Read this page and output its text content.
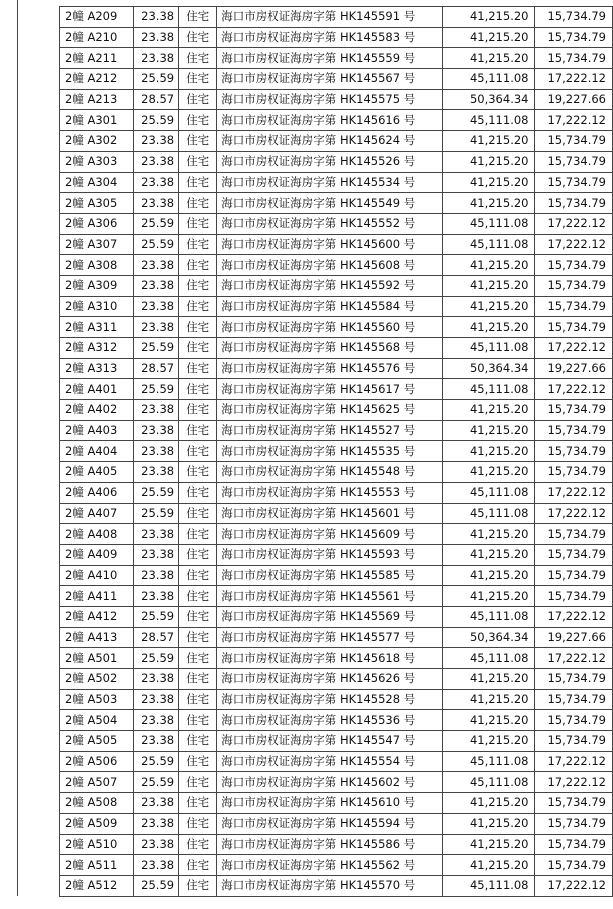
2幢 A209	23.38	住宅	海口市房权证海房字第 HK145591 号	41,215.20	15,734.79
2幢 A210	23.38	住宅	海口市房权证海房字第 HK145583 号	41,215.20	15,734.79
2幢 A211	23.38	住宅	海口市房权证海房字第 HK145559 号	41,215.20	15,734.79
2幢 A212	25.59	住宅	海口市房权证海房字第 HK145567 号	45,111.08	17,222.12
2幢 A213	28.57	住宅	海口市房权证海房字第 HK145575 号	50,364.34	19,227.66
2幢 A301	25.59	住宅	海口市房权证海房字第 HK145616 号	45,111.08	17,222.12
2幢 A302	23.38	住宅	海口市房权证海房字第 HK145624 号	41,215.20	15,734.79
2幢 A303	23.38	住宅	海口市房权证海房字第 HK145526 号	41,215.20	15,734.79
2幢 A304	23.38	住宅	海口市房权证海房字第 HK145534 号	41,215.20	15,734.79
2幢 A305	23.38	住宅	海口市房权证海房字第 HK145549 号	41,215.20	15,734.79
2幢 A306	25.59	住宅	海口市房权证海房字第 HK145552 号	45,111.08	17,222.12
2幢 A307	25.59	住宅	海口市房权证海房字第 HK145600 号	45,111.08	17,222.12
2幢 A308	23.38	住宅	海口市房权证海房字第 HK145608 号	41,215.20	15,734.79
2幢 A309	23.38	住宅	海口市房权证海房字第 HK145592 号	41,215.20	15,734.79
2幢 A310	23.38	住宅	海口市房权证海房字第 HK145584 号	41,215.20	15,734.79
2幢 A311	23.38	住宅	海口市房权证海房字第 HK145560 号	41,215.20	15,734.79
2幢 A312	25.59	住宅	海口市房权证海房字第 HK145568 号	45,111.08	17,222.12
2幢 A313	28.57	住宅	海口市房权证海房字第 HK145576 号	50,364.34	19,227.66
2幢 A401	25.59	住宅	海口市房权证海房字第 HK145617 号	45,111.08	17,222.12
2幢 A402	23.38	住宅	海口市房权证海房字第 HK145625 号	41,215.20	15,734.79
2幢 A403	23.38	住宅	海口市房权证海房字第 HK145527 号	41,215.20	15,734.79
2幢 A404	23.38	住宅	海口市房权证海房字第 HK145535 号	41,215.20	15,734.79
2幢 A405	23.38	住宅	海口市房权证海房字第 HK145548 号	41,215.20	15,734.79
2幢 A406	25.59	住宅	海口市房权证海房字第 HK145553 号	45,111.08	17,222.12
2幢 A407	25.59	住宅	海口市房权证海房字第 HK145601 号	45,111.08	17,222.12
2幢 A408	23.38	住宅	海口市房权证海房字第 HK145609 号	41,215.20	15,734.79
2幢 A409	23.38	住宅	海口市房权证海房字第 HK145593 号	41,215.20	15,734.79
2幢 A410	23.38	住宅	海口市房权证海房字第 HK145585 号	41,215.20	15,734.79
2幢 A411	23.38	住宅	海口市房权证海房字第 HK145561 号	41,215.20	15,734.79
2幢 A412	25.59	住宅	海口市房权证海房字第 HK145569 号	45,111.08	17,222.12
2幢 A413	28.57	住宅	海口市房权证海房字第 HK145577 号	50,364.34	19,227.66
2幢 A501	25.59	住宅	海口市房权证海房字第 HK145618 号	45,111.08	17,222.12
2幢 A502	23.38	住宅	海口市房权证海房字第 HK145626 号	41,215.20	15,734.79
2幢 A503	23.38	住宅	海口市房权证海房字第 HK145528 号	41,215.20	15,734.79
2幢 A504	23.38	住宅	海口市房权证海房字第 HK145536 号	41,215.20	15,734.79
2幢 A505	23.38	住宅	海口市房权证海房字第 HK145547 号	41,215.20	15,734.79
2幢 A506	25.59	住宅	海口市房权证海房字第 HK145554 号	45,111.08	17,222.12
2幢 A507	25.59	住宅	海口市房权证海房字第 HK145602 号	45,111.08	17,222.12
2幢 A508	23.38	住宅	海口市房权证海房字第 HK145610 号	41,215.20	15,734.79
2幢 A509	23.38	住宅	海口市房权证海房字第 HK145594 号	41,215.20	15,734.79
2幢 A510	23.38	住宅	海口市房权证海房字第 HK145586 号	41,215.20	15,734.79
2幢 A511	23.38	住宅	海口市房权证海房字第 HK145562 号	41,215.20	15,734.79
2幢 A512	25.59	住宅	海口市房权证海房字第 HK145570 号	45,111.08	17,222.12
